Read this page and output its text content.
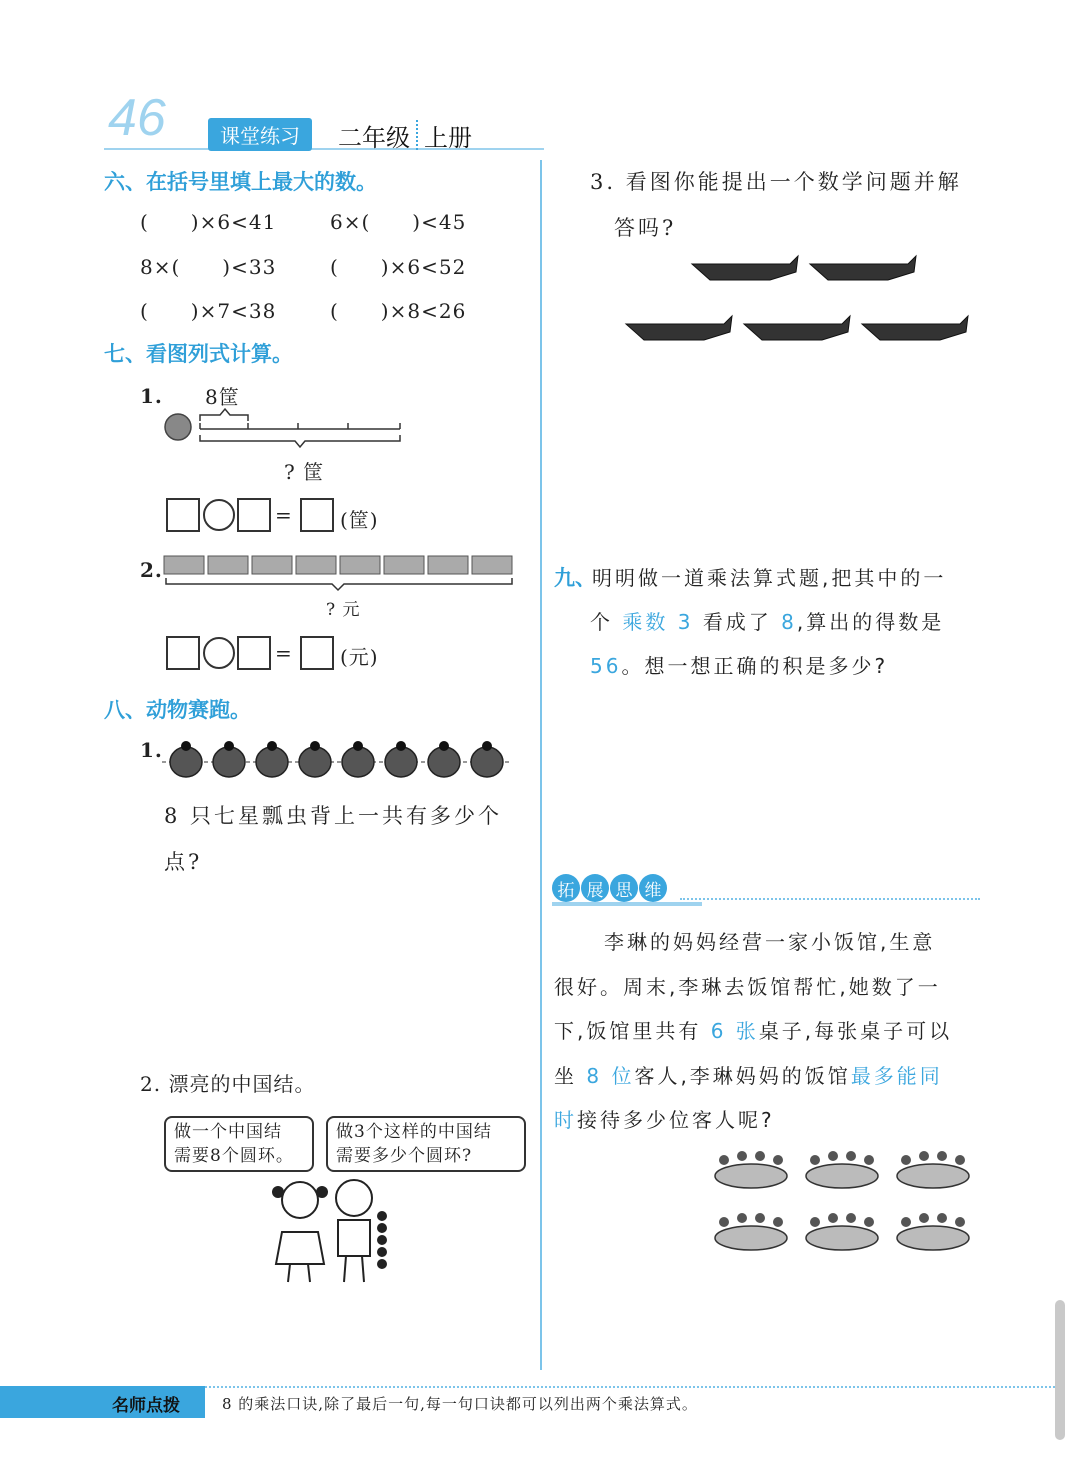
46	课堂练习	二年级 上册
六、在括号里填上最大的数。
(　　)×6<41	6×(　　)<45
8×(　　)<33	(　　)×6<52
(　　)×7<38	(　　)×8<26
七、看图列式计算。
1. 8筐
? 筐
= (筐)
2.
? 元
= (元)
八、动物赛跑。
1.
8 只七星瓢虫背上一共有多少个
点?
2. 漂亮的中国结。
做一个中国结
需要8个圆环。
做3个这样的中国结
需要多少个圆环?
3. 看图你能提出一个数学问题并解
答吗?
九、
明明做一道乘法算式题,把其中的一
个 乘数 3 看成了 8,算出的得数是
56。想一想正确的积是多少?
拓 展 思 维
李琳的妈妈经营一家小饭馆,生意
很好。周末,李琳去饭馆帮忙,她数了一
下,饭馆里共有 6 张桌子,每张桌子可以
坐 8 位客人,李琳妈妈的饭馆最多能同
时接待多少位客人呢?
名师点拨	8 的乘法口诀,除了最后一句,每一句口诀都可以列出两个乘法算式。
